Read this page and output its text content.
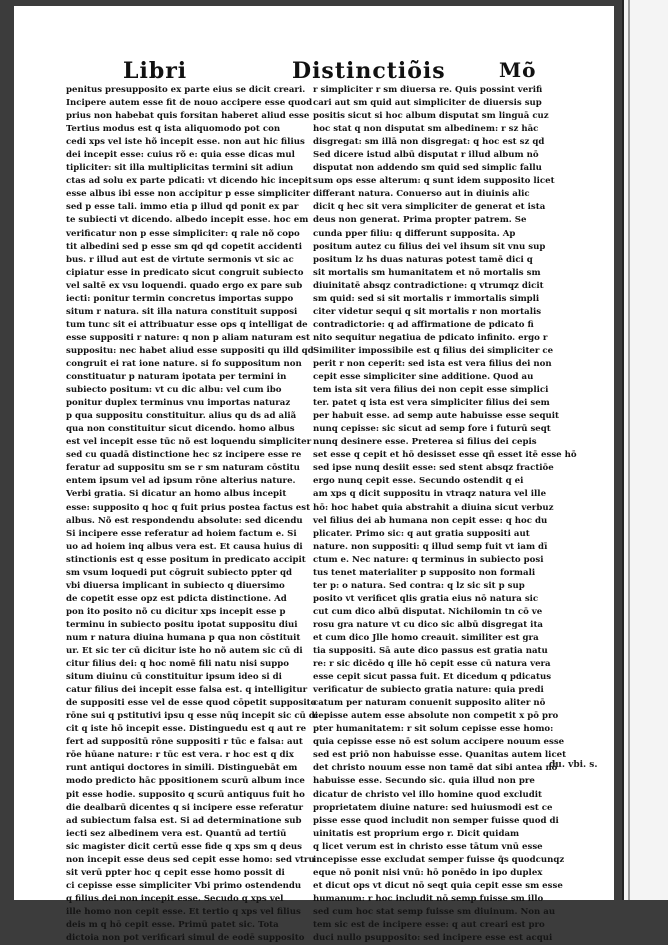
Libri	Distinctiõis	Mõ
penitus presupposito ex parte eius se dicit creari.
Incipere autem esse fit de nouo accipere esse quod
prius non habebat quis forsitan haberet aliud esse
Tertius modus est q ista aliquomodo pot con
cedi xps vel iste hõ incepit esse. non aut hic filius
dei incepit esse: cuius rõ e: quia esse dicas mul
tipliciter: sit illa multiplicitas termini sit adiun
ctas ad solu ex parte pdicati: vt dicendo hic incepit
esse albus ibi esse non accipitur p esse simpliciter
sed p esse tali. immo etia p illud qd ponit ex par
te subiecti vt dicendo. albedo incepit esse. hoc em
verificatur non p esse simpliciter: q rale nõ copo
tit albedini sed p esse sm qd qd copetit accidenti
bus. r illud aut est de virtute sermonis vt sic ac
cipiatur esse in predicato sicut congruit subiecto
vel saltē ex vsu loquendi. quado ergo ex pare sub
iecti: ponitur termin concretus importas suppo
situm r natura. sit illa natura constituit supposi
tum tunc sit ei attribuatur esse ops q intelligat de
esse suppositi r nature: q non p aliam naturam est
suppositu: nec habet aliud esse suppositi qu illd qd
congruit ei rat ione nature. si fo suppositum non
constituatur p naturam ipotata per termini in
subiecto positum: vt cu dic albu: vel cum ibo
ponitur duplex terminus vnu importas naturaz
p qua suppositu constituitur. alius qu ds ad aliã
qua non constituitur sicut dicendo. homo albus
est vel incepit esse tūc nõ est loquendu simpliciter
sed cu quadā distinctione hec sz incipere esse re
feratur ad suppositu sm se r sm naturam cōstitu
entem ipsum vel ad ipsum rōne alterius nature.
Verbi gratia. Si dicatur an homo albus incepit
esse: supposito q hoc q fuit prius postea factus est
albus. Nõ est respondendu absolute: sed dicendu
Si incipere esse referatur ad hoiem factum e. Si
uo ad hoiem inq albus vera est. Et causa huius di
stinctionis est q esse positum in predicato accipit
sm vsum loquedi put cōgruit subiecto ppter qd
vbi diuersa implicant in subiecto q diuersimo
de copetit esse opz est pdicta distinctione. Ad
pon ito posito nõ cu dicitur xps incepit esse p
terminu in subiecto positu ipotat suppositu diui
num r natura diuina humana p qua non cōstituit
ur. Et sic ter cū dicitur iste ho nõ autem sic cū di
citur filius dei: q hoc nomē fili natu nisi suppo
situm diuinu cū constituitur ipsum ideo si di
catur filius dei incepit esse falsa est. q intelligitur
de suppositi esse vel de esse quod cōpetit supposito
rōne sui q pstitutivi ipsu q esse nūq incepit sic cū di
cit q iste hō incepit esse. Distinguedu est q aut re
fert ad suppositū rōne suppositi r tūc e falsa: aut
rōe hūane nature: r tūc est vera. r hoc est q dix
runt antiqui doctores in simili. Distinguebāt em
modo predicto hāc ppositionem scurū album ince
pit esse hodie. supposito q scurū antiquus fuit ho
die dealbarū dicentes q si incipere esse referatur
ad subiectum falsa est. Si ad determinatione sub
iecti sez albedinem vera est. Quantū ad tertiū
sic magister dicit certū esse fide q xps sm q deus
non incepit esse deus sed cepit esse homo: sed vtru
sit verū ppter hoc q cepit esse homo possit di
ci cepisse esse simpliciter Vbi primo ostendendu
q filius dei non incepit esse. Secudo q xps vel
ille homo non cepit esse. Et tertio q xps vel filius
deis m q hō cepit esse. Primū patet sic. Tota
dictoia non pot verificari simul de eodē supposito
r simpliciter r sm diuersa re. Quis possint verifi
cari aut sm quid aut simpliciter de diuersis sup
positis sicut si hoc album disputat sm linguā cuz
hoc stat q non disputat sm albedinem: r sz hāc
disgregat: sm illā non disgregat: q hoc est sz qd
Sed dicere istud albū disputat r illud album nō
disputat non addendo sm quid sed simplic fallu
sum ops esse alterum: q sunt idem supposito licet
differant natura. Conuerso aut in diuinis alic
dicit q hec sit vera simpliciter de generat et ista
deus non generat. Prima propter patrem. Se
cunda pper filiu: q differunt supposita. Ap
positum autez cu filius dei vel ihsum sit vnu sup
positum lz hs duas naturas potest tamē dici q
sit mortalis sm humanitatem et nō mortalis sm
diuinitatē absqz contradictione: q vtrumqz dicit
sm quid: sed si sit mortalis r immortalis simpli
citer videtur sequi q sit mortalis r non mortalis
contradictorie: q ad affirmatione de pdicato fi
nito sequitur negatiua de pdicato infinito. ergo r
Similiter impossibile est q filius dei simpliciter ce
perit r non ceperit: sed ista est vera filius dei non
cepit esse simpliciter sine additione. Quod au
tem ista sit vera filius dei non cepit esse simplici
ter. patet q ista est vera simpliciter filius dei sem
per habuit esse. ad semp aute habuisse esse sequit
nunq cepisse: sic sicut ad semp fore i futurū seqt
nunq desinere esse. Preterea si filius dei cepis
set esse q cepit et hō desisset esse qñ esset itē esse hō
sed ipse nunq desiit esse: sed stent absqz fractiōe
ergo nunq cepit esse. Secundo ostendit q ei
am xps q dicit suppositu in vtraqz natura vel ille
hō: hoc habet quia abstrahit a diuina sicut verbuz
vel filius dei ab humana non cepit esse: q hoc du
plicater. Primo sic: q aut gratia suppositi aut
nature. non suppositi: q illud semp fuit vt iam dī
ctum e. Nec nature: q terminus in subiecto posi
tus tenet materialiter p supposito non formali
ter p: o natura. Sed contra: q lz sic sit p sup
posito vt verificet qlis gratia eius nō natura sic
cut cum dico albū disputat. Nichilomin tn cō ve
rosu gra nature vt cu dico sic albū disgregat ita
et cum dico Jlle homo creauit. similiter est gra
tia suppositi. Sā aute dico passus est gratia natu
re: r sic dicēdo q ille hō cepit esse cū natura vera
esse cepit sicut passa fuit. Et dicedum q pdicatus
verificatur de subiecto gratia nature: quia predi
catum per naturam conuenit supposito aliter nō
cepisse autem esse absolute non competit x pō pro
pter humanitatem: r sit solum cepisse esse homo:
quia cepisse esse nō est solum accipere nouum esse
sed est priō non habuisse esse. Quanitas autem licet
det christo nouum esse non tamē dat sibi antea nō
habuisse esse. Secundo sic. quia illud non pre
dicatur de christo vel illo homine quod excludit
proprietatem diuine nature: sed huiusmodi est ce
pisse esse quod includit non semper fuisse quod di
uinitatis est proprium ergo r. Dicit quidam
q licet verum est in christo esse tātum vnū esse
incepisse esse excludat semper fuisse q̄s quodcunqz
eque nō ponit nisi vnū: hō ponēdo in ipo duplex
et dicut ops vt dicut nō seqt quia cepit esse sm esse
humanum: r hoc includit nō semp fuisse sm illo
sed cum hoc stat semp fuisse sm diuinum. Non au
tem sic est de incipere esse: q aut creari est pro
duci nullo psupposito: sed incipere esse est acqui
du. vbi. s.
